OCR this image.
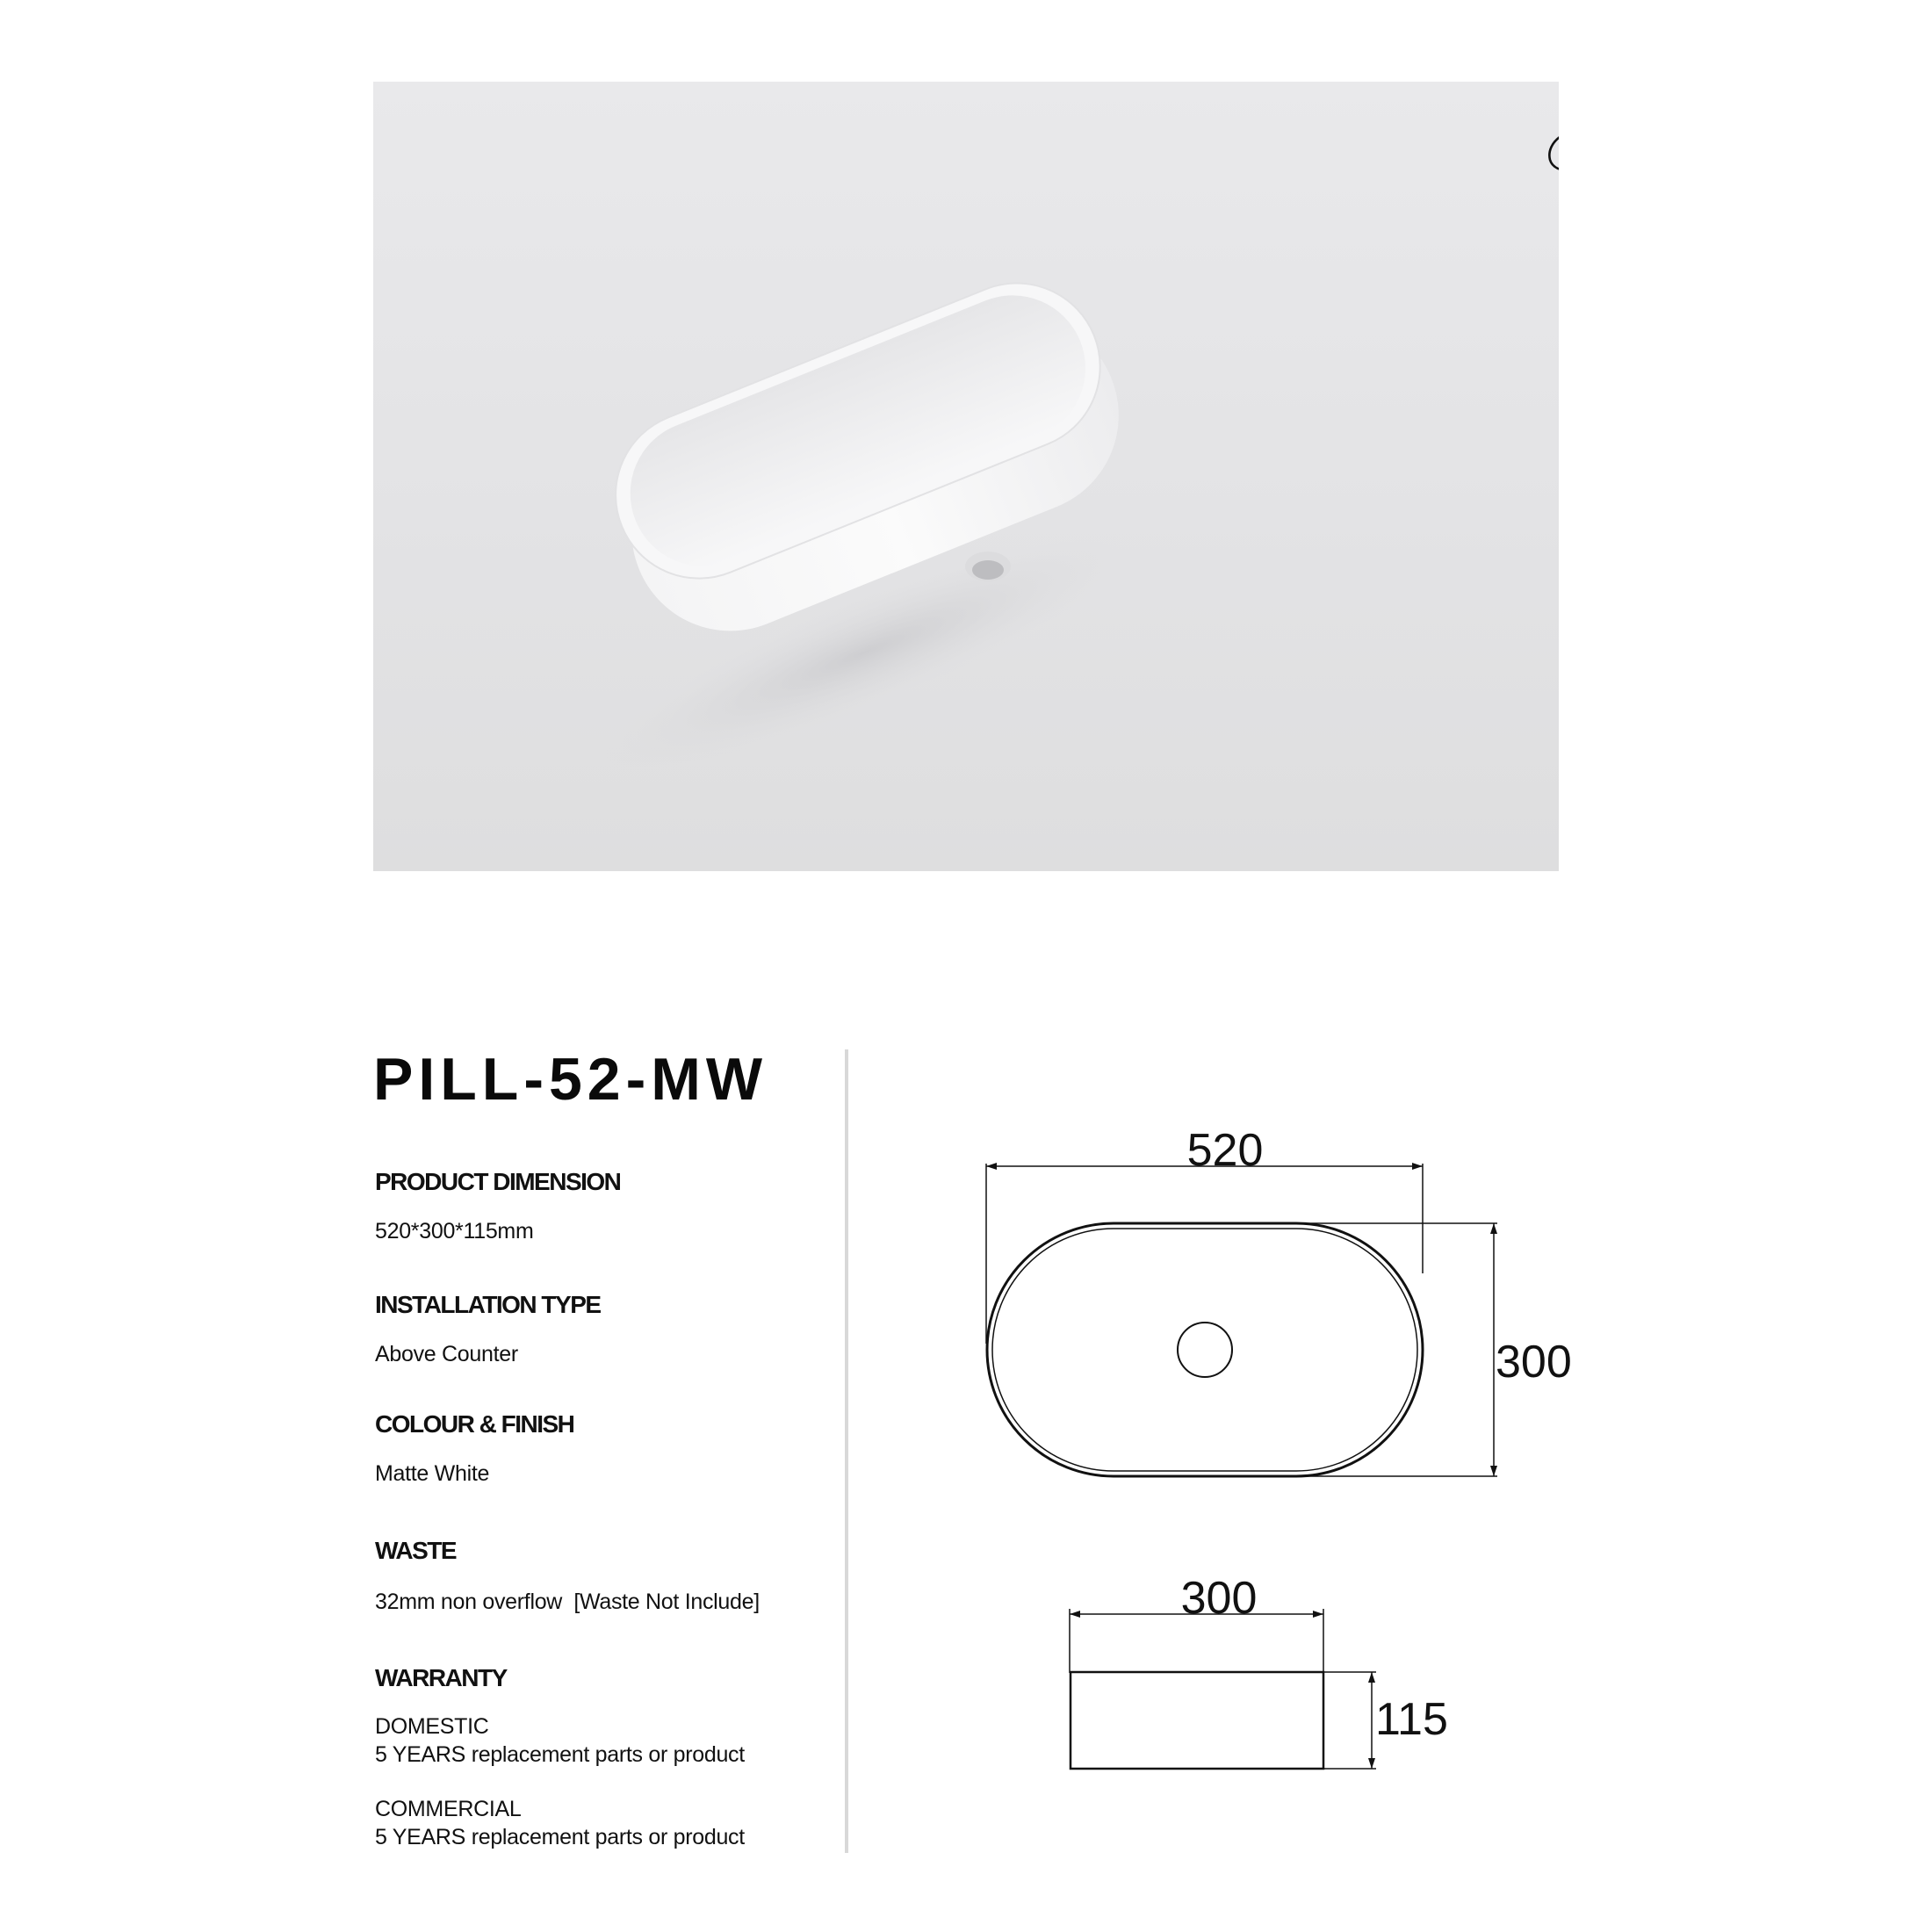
PILL-52-MW

PRODUCT DIMENSION

520*300*115mm

INSTALLATION TYPE

Above Counter

COLOUR & FINISH

Matte White

WASTE

32mm non overflow  [Waste Not Include]

WARRANTY

DOMESTIC

5 YEARS replacement parts or product

COMMERCIAL

5 YEARS replacement parts or product

520
300
300
115
